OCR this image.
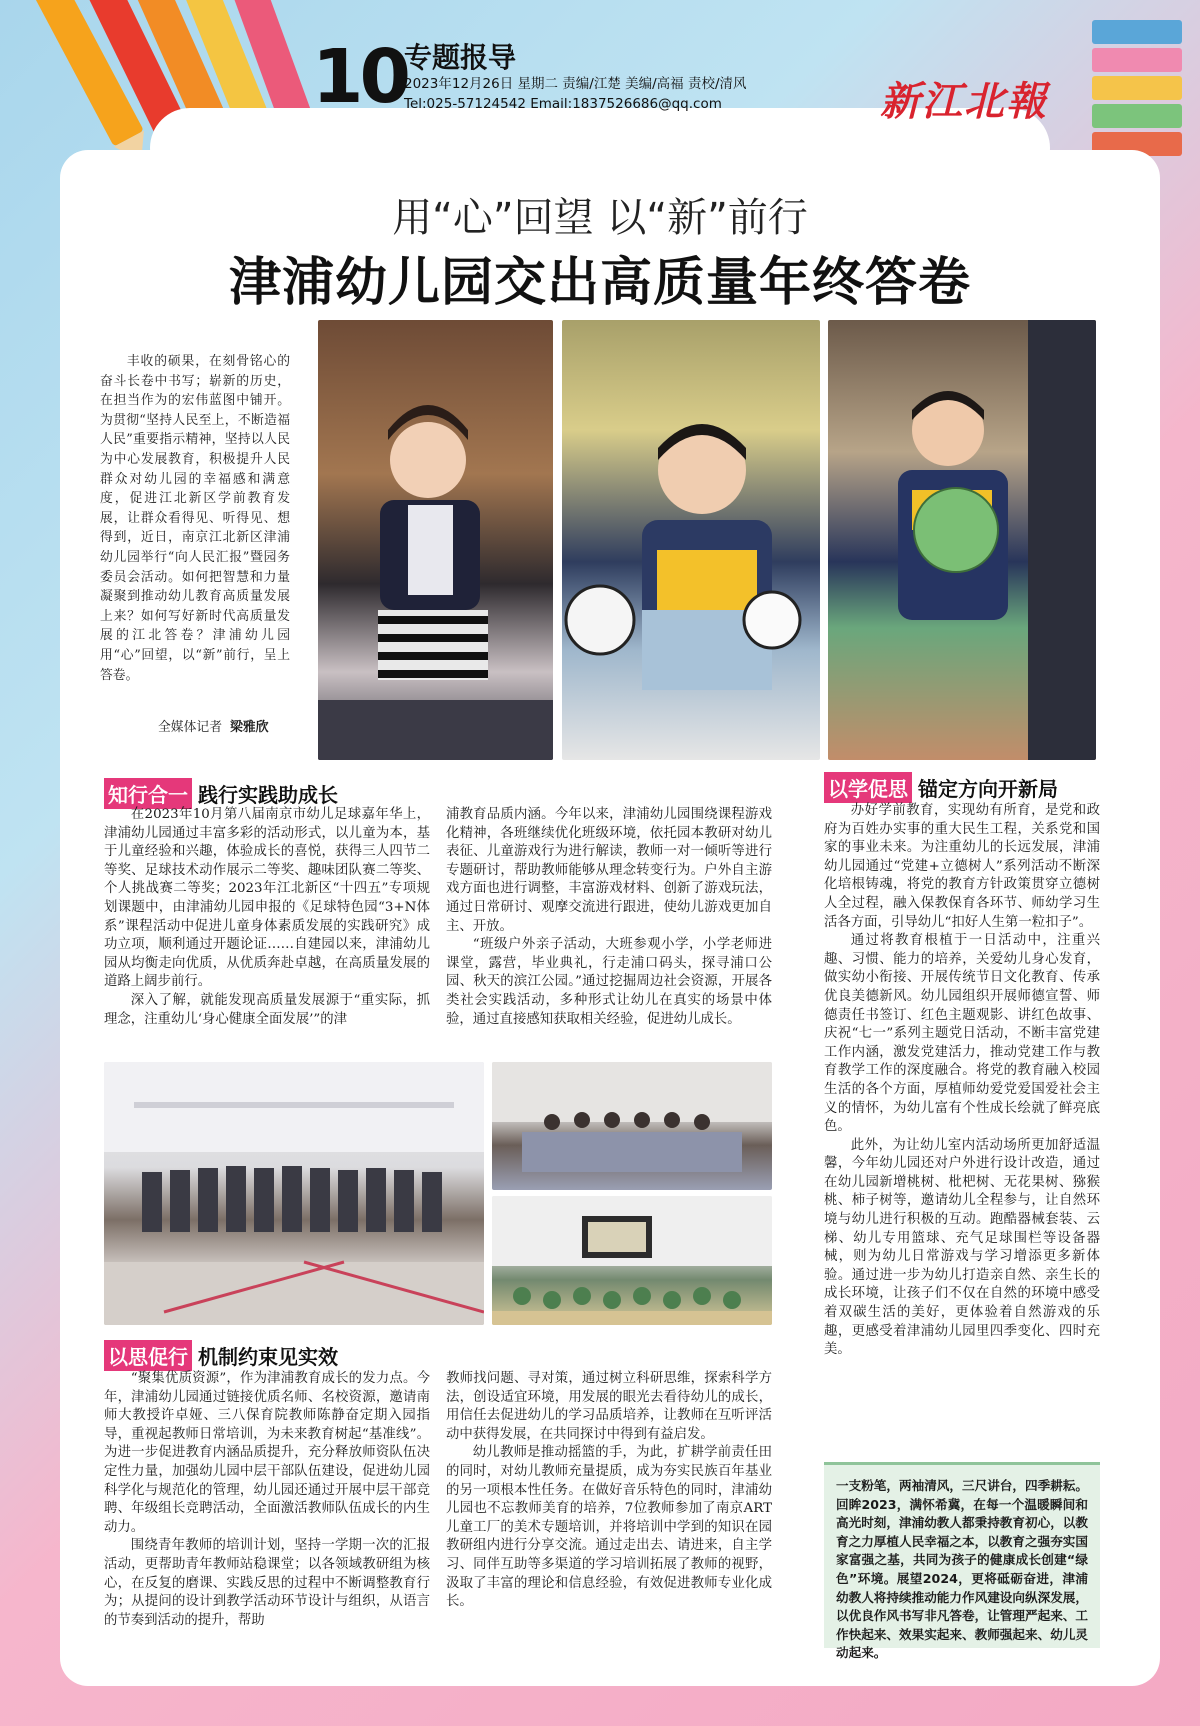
10
专题报导
2023年12月26日 星期二 责编/江楚 美编/高福 责校/清风
Tel:025-57124542 Email:1837526686@qq.com	新江北報
用“心”回望 以“新”前行
津浦幼儿园交出高质量年终答卷
丰收的硕果，在刻骨铭心的奋斗长卷中书写；崭新的历史，在担当作为的宏伟蓝图中铺开。为贯彻“坚持人民至上，不断造福人民”重要指示精神，坚持以人民为中心发展教育，积极提升人民群众对幼儿园的幸福感和满意度，促进江北新区学前教育发展，让群众看得见、听得见、想得到，近日，南京江北新区津浦幼儿园举行“向人民汇报”暨园务委员会活动。如何把智慧和力量凝聚到推动幼儿教育高质量发展上来？如何写好新时代高质量发展的江北答卷？津浦幼儿园用“心”回望，以“新”前行，呈上答卷。
全媒体记者 梁雅欣
知行合一 践行实践助成长

在2023年10月第八届南京市幼儿足球嘉年华上，津浦幼儿园通过丰富多彩的活动形式，以儿童为本，基于儿童经验和兴趣，体验成长的喜悦，获得三人四节二等奖、足球技术动作展示二等奖、趣味团队赛二等奖、个人挑战赛二等奖；2023年江北新区“十四五”专项规划课题中，由津浦幼儿园申报的《足球特色园“3+N体系”课程活动中促进儿童身体素质发展的实践研究》成功立项，顺利通过开题论证……自建园以来，津浦幼儿园从均衡走向优质，从优质奔赴卓越，在高质量发展的道路上阔步前行。

深入了解，就能发现高质量发展源于“重实际，抓理念，注重幼儿‘身心健康全面发展’”的津

浦教育品质内涵。今年以来，津浦幼儿园围绕课程游戏化精神，各班继续优化班级环境，依托园本教研对幼儿表征、儿童游戏行为进行解读，教师一对一倾听等进行专题研讨，帮助教师能够从理念转变行为。户外自主游戏方面也进行调整，丰富游戏材料、创新了游戏玩法，通过日常研讨、观摩交流进行跟进，使幼儿游戏更加自主、开放。

“班级户外亲子活动，大班参观小学，小学老师进课堂，露营，毕业典礼，行走浦口码头，探寻浦口公园、秋天的滨江公园。”通过挖掘周边社会资源，开展各类社会实践活动，多种形式让幼儿在真实的场景中体验，通过直接感知获取相关经验，促进幼儿成长。

以学促思 锚定方向开新局

办好学前教育，实现幼有所育，是党和政府为百姓办实事的重大民生工程，关系党和国家的事业未来。为注重幼儿的长远发展，津浦幼儿园通过“党建+立德树人”系列活动不断深化培根铸魂，将党的教育方针政策贯穿立德树人全过程，融入保教保育各环节、师幼学习生活各方面，引导幼儿“扣好人生第一粒扣子”。

通过将教育根植于一日活动中，注重兴趣、习惯、能力的培养，关爱幼儿身心发育，做实幼小衔接、开展传统节日文化教育、传承优良美德新风。幼儿园组织开展师德宣誓、师德责任书签订、红色主题观影、讲红色故事、庆祝“七一”系列主题党日活动，不断丰富党建工作内涵，激发党建活力，推动党建工作与教育教学工作的深度融合。将党的教育融入校园生活的各个方面，厚植师幼爱党爱国爱社会主义的情怀，为幼儿富有个性成长绘就了鲜亮底色。

此外，为让幼儿室内活动场所更加舒适温馨，今年幼儿园还对户外进行设计改造，通过在幼儿园新增桃树、枇杷树、无花果树、猕猴桃、柿子树等，邀请幼儿全程参与，让自然环境与幼儿进行积极的互动。跑酷器械套装、云梯、幼儿专用篮球、充气足球围栏等设备器械，则为幼儿日常游戏与学习增添更多新体验。通过进一步为幼儿打造亲自然、亲生长的成长环境，让孩子们不仅在自然的环境中感受着双碳生活的美好，更体验着自然游戏的乐趣，更感受着津浦幼儿园里四季变化、四时充美。

以思促行 机制约束见实效

“聚集优质资源”，作为津浦教育成长的发力点。今年，津浦幼儿园通过链接优质名师、名校资源，邀请南师大教授许卓娅、三八保育院教师陈静奋定期入园指导，重视起教师日常培训，为未来教育树起“基准线”。为进一步促进教育内涵品质提升，充分释放师资队伍决定性力量，加强幼儿园中层干部队伍建设，促进幼儿园科学化与规范化的管理，幼儿园还通过开展中层干部竞聘、年级组长竞聘活动，全面激活教师队伍成长的内生动力。

围绕青年教师的培训计划，坚持一学期一次的汇报活动，更帮助青年教师站稳课堂；以各领域教研组为核心，在反复的磨课、实践反思的过程中不断调整教育行为；从提问的设计到教学活动环节设计与组织，从语言的节奏到活动的提升，帮助

教师找问题、寻对策，通过树立科研思维，探索科学方法，创设适宜环境，用发展的眼光去看待幼儿的成长，用信任去促进幼儿的学习品质培养，让教师在互听评活动中获得发展，在共同探讨中得到有益启发。

幼儿教师是推动摇篮的手，为此，扩耕学前责任田的同时，对幼儿教师充量提质，成为夯实民族百年基业的另一项根本性任务。在做好音乐特色的同时，津浦幼儿园也不忘教师美育的培养，7位教师参加了南京ART儿童工厂的美术专题培训，并将培训中学到的知识在园教研组内进行分享交流。通过走出去、请进来，自主学习、同伴互助等多渠道的学习培训拓展了教师的视野，汲取了丰富的理论和信息经验，有效促进教师专业化成长。

一支粉笔，两袖清风，三尺讲台，四季耕耘。回眸2023，满怀希冀，在每一个温暖瞬间和高光时刻，津浦幼教人都秉持教育初心，以教育之力厚植人民幸福之本，以教育之强夯实国家富强之基，共同为孩子的健康成长创建“绿色”环境。展望2024，更将砥砺奋进，津浦幼教人将持续推动能力作风建设向纵深发展，以优良作风书写非凡答卷，让管理严起来、工作快起来、效果实起来、教师强起来、幼儿灵动起来。
